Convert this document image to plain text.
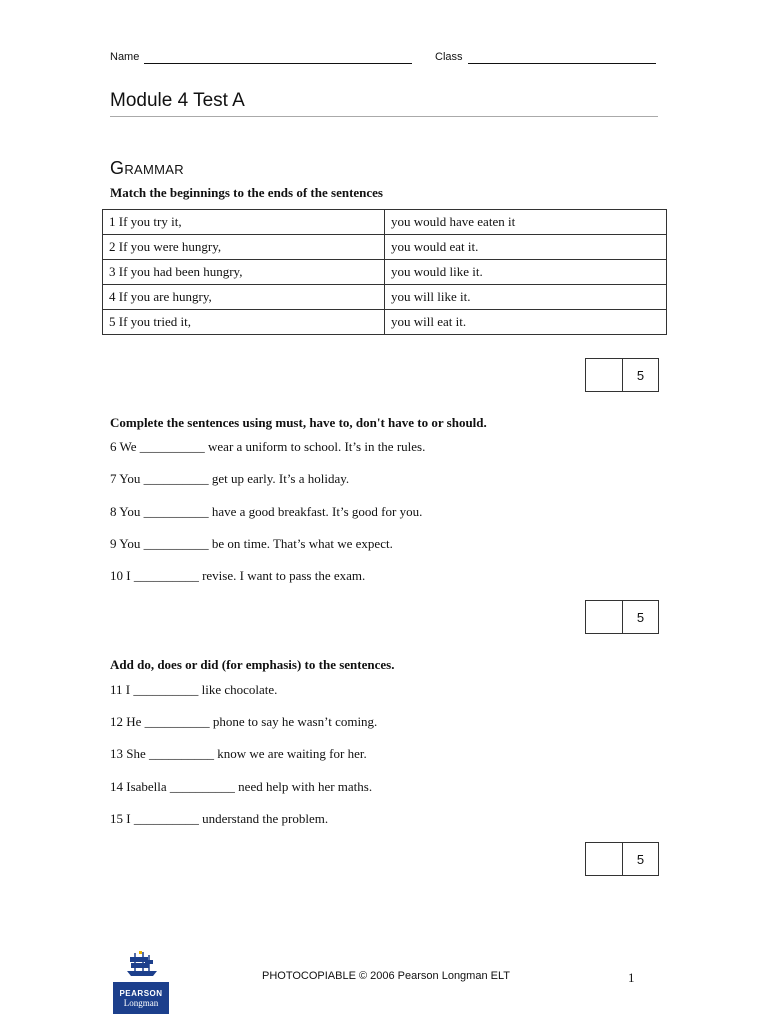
Name	Class
Module 4 Test A
GRAMMAR
Match the beginnings to the ends of the sentences
1 If you try it,	you would have eaten it
2 If you were hungry,	you would eat it.
3 If you had been hungry,	you would like it.
4 If you are hungry,	you will like it.
5 If you tried it,	you will eat it.
5
Complete the sentences using must, have to, don't have to or should.
6 We __________ wear a uniform to school. It’s in the rules.
7 You __________ get up early. It’s a holiday.
8 You __________ have a good breakfast. It’s good for you.
9 You __________ be on time. That’s what we expect.
10 I __________ revise. I want to pass the exam.
5
Add do, does or did (for emphasis) to the sentences.
11 I __________ like chocolate.
12 He __________ phone to say he wasn’t coming.
13 She __________ know we are waiting for her.
14 Isabella __________ need help with her maths.
15 I __________ understand the problem.
5
PEARSON
Longman
PHOTOCOPIABLE © 2006 Pearson Longman ELT	1
